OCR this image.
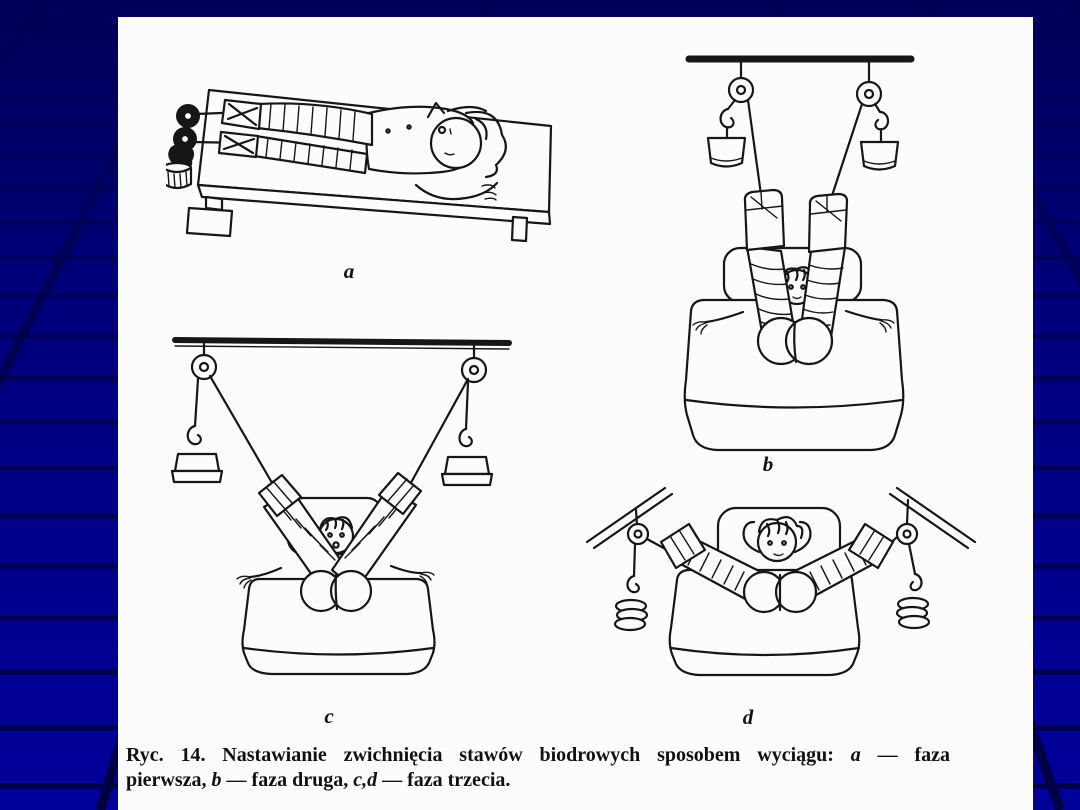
a
b
c	d

Ryc. 14. Nastawianie zwichnięcia stawów biodrowych sposobem wyciągu: a — faza
pierwsza, b — faza druga, c,d — faza trzecia.
